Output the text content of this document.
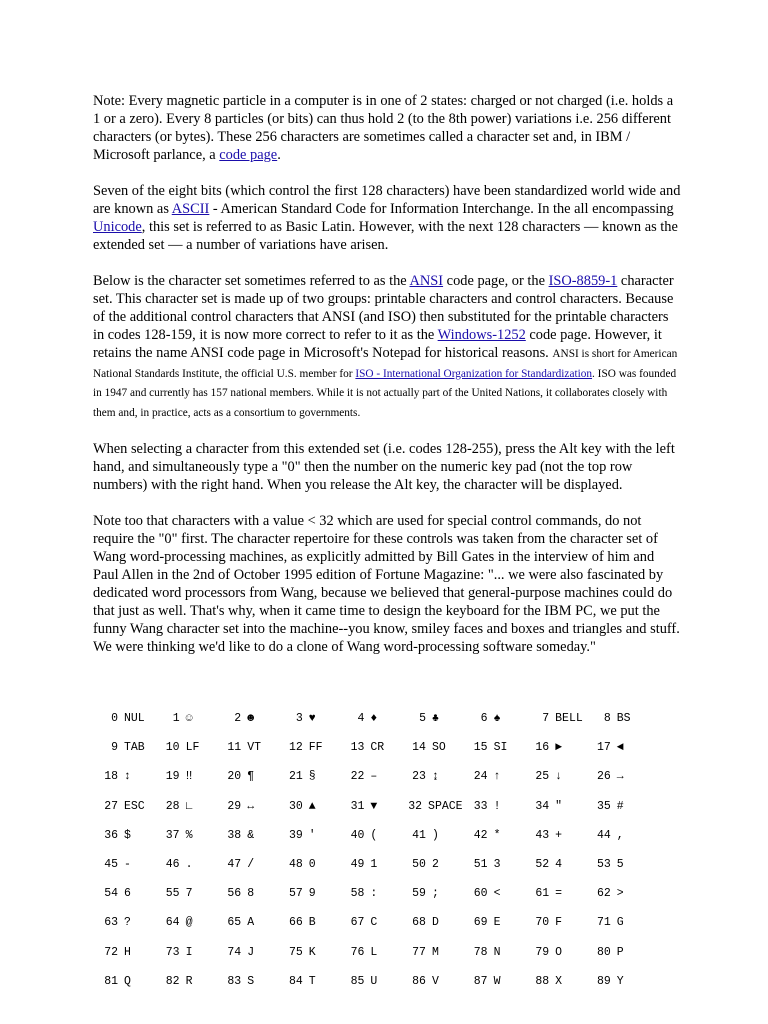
Note: Every magnetic particle in a computer is in one of 2 states: charged or not charged (i.e. holds a 1 or a zero). Every 8 particles (or bits) can thus hold 2 (to the 8th power) variations i.e. 256 different characters (or bytes). These 256 characters are sometimes called a character set and, in IBM / Microsoft parlance, a code page.

Seven of the eight bits (which control the first 128 characters) have been standardized world wide and are known as ASCII - American Standard Code for Information Interchange. In the all encompassing Unicode, this set is referred to as Basic Latin. However, with the next 128 characters — known as the extended set — a number of variations have arisen.

Below is the character set sometimes referred to as the ANSI code page, or the ISO-8859-1 character set. This character set is made up of two groups: printable characters and control characters. Because of the additional control characters that ANSI (and ISO) then substituted for the printable characters in codes 128-159, it is now more correct to refer to it as the Windows-1252 code page. However, it retains the name ANSI code page in Microsoft's Notepad for historical reasons. ANSI is short for American National Standards Institute, the official U.S. member for ISO - International Organization for Standardization. ISO was founded in 1947 and currently has 157 national members. While it is not actually part of the United Nations, it collaborates closely with them and, in practice, acts as a consortium to governments.

When selecting a character from this extended set (i.e. codes 128-255), press the Alt key with the left hand, and simultaneously type a "0" then the number on the numeric key pad (not the top row numbers) with the right hand. When you release the Alt key, the character will be displayed.

Note too that characters with a value < 32 which are used for special control commands, do not require the "0" first. The character repertoire for these controls was taken from the character set of Wang word-processing machines, as explicitly admitted by Bill Gates in the interview of him and Paul Allen in the 2nd of October 1995 edition of Fortune Magazine: "... we were also fascinated by dedicated word processors from Wang, because we believed that general-purpose machines could do that just as well. That's why, when it came time to design the keyboard for the IBM PC, we put the funny Wang character set into the machine--you know, smiley faces and boxes and triangles and stuff. We were thinking we'd like to do a clone of Wang word-processing software someday."

0 NUL	1 ☺	2 ☻	3 ♥	4 ♦	5 ♣	6 ♠	7 BELL	8 BS
9 TAB	10 LF	11 VT	12 FF	13 CR	14 SO	15 SI	16 ►	17 ◄
18 ↕	19 ‼	20 ¶	21 §	22 ‒	23 ↨	24 ↑	25 ↓	26 →
27 ESC	28 ∟	29 ↔	30 ▲	31 ▼	32 SPACE 33 !	34 "	35 #
36 $	37 %	38 &	39 '	40 (	41 )	42 *	43 +	44 ,
45 -	46 .	47 /	48 0	49 1	50 2	51 3	52 4	53 5
54 6	55 7	56 8	57 9	58 :	59 ;	60 <	61 =	62 >
63 ?	64 @	65 A	66 B	67 C	68 D	69 E	70 F	71 G
72 H	73 I	74 J	75 K	76 L	77 M	78 N	79 O	80 P
81 Q	82 R	83 S	84 T	85 U	86 V	87 W	88 X	89 Y
